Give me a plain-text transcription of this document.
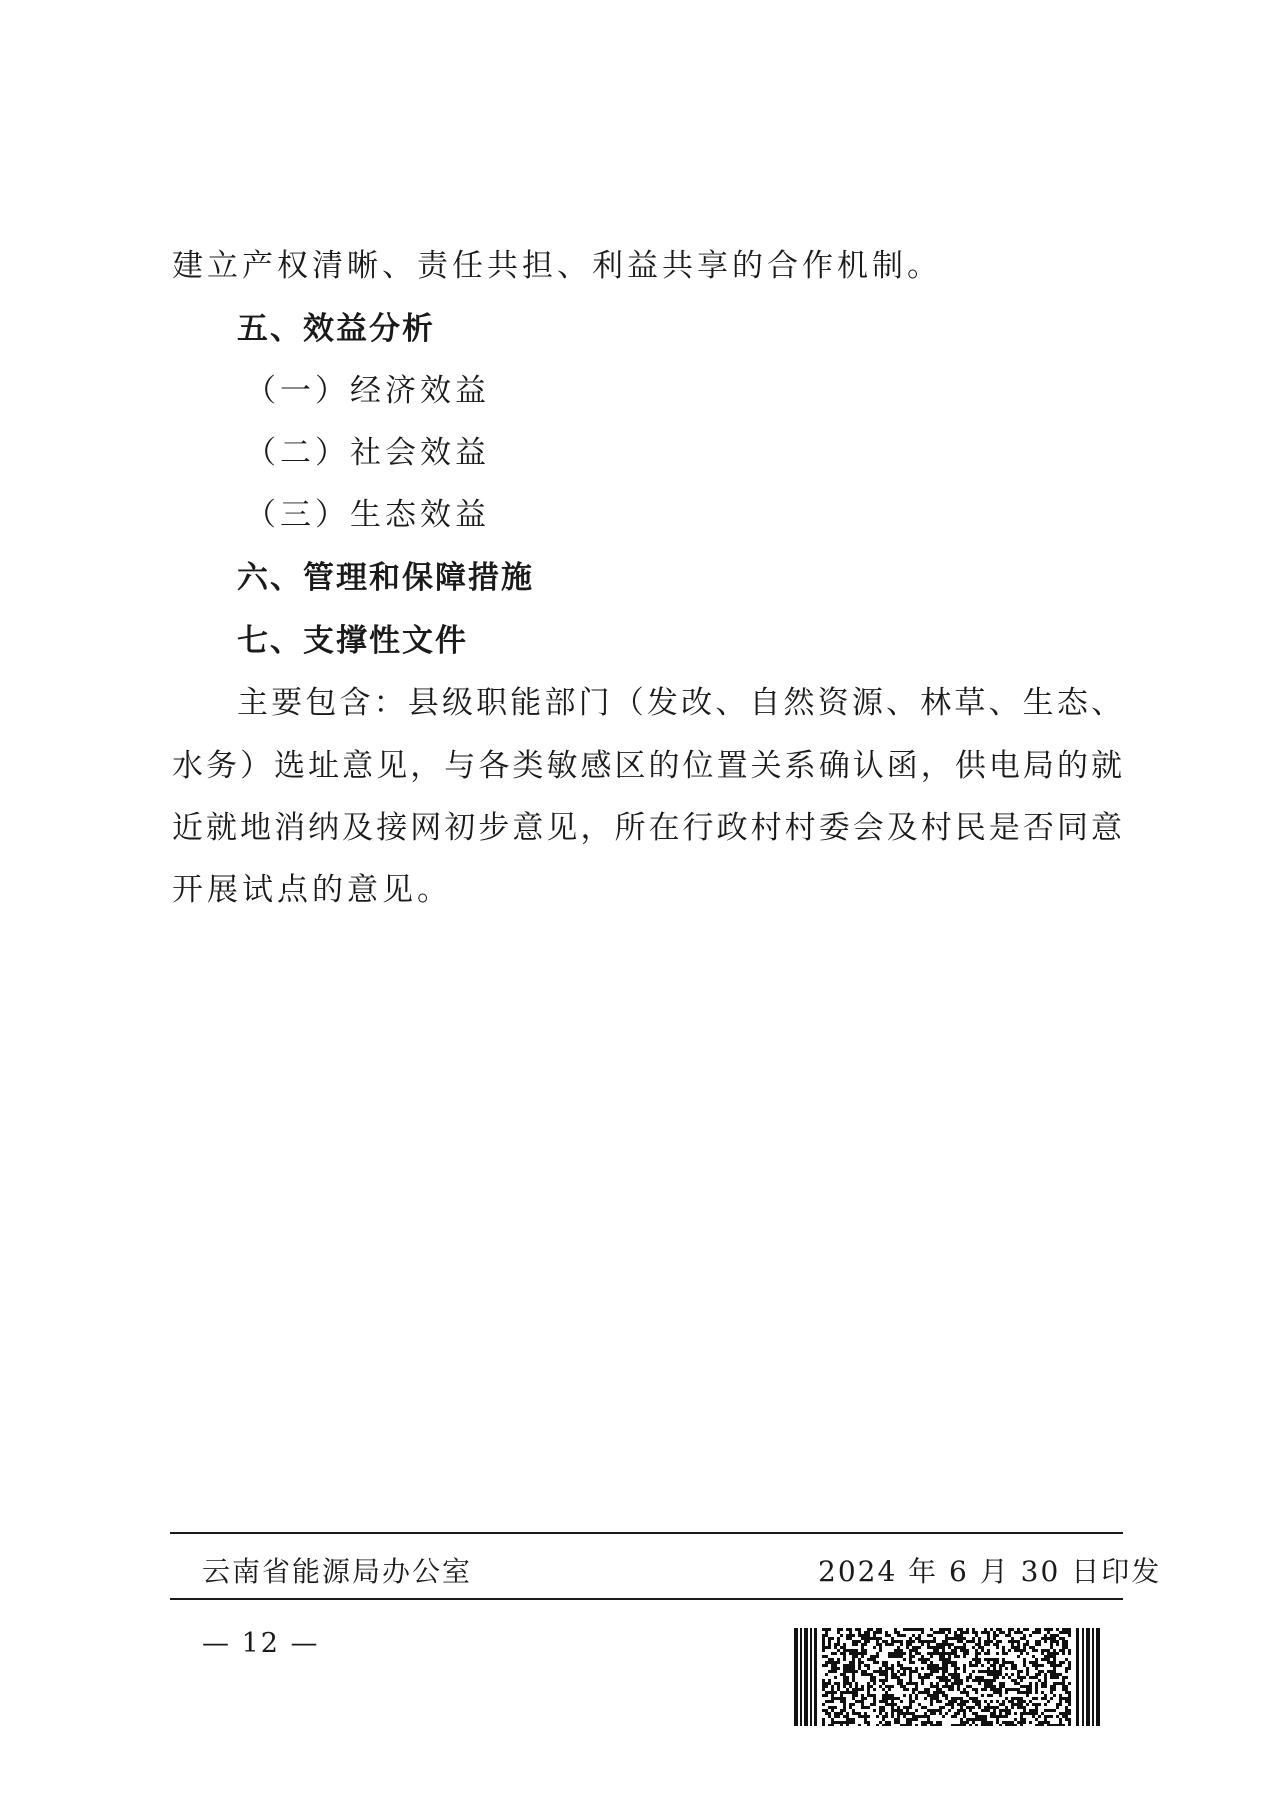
建立产权清晰、责任共担、利益共享的合作机制。
五、效益分析
（一）经济效益
（二）社会效益
（三）生态效益
六、管理和保障措施
七、支撑性文件
主要包含：县级职能部门（发改、自然资源、林草、生态、
水务）选址意见，与各类敏感区的位置关系确认函，供电局的就
近就地消纳及接网初步意见，所在行政村村委会及村民是否同意
开展试点的意见。
云南省能源局办公室	2024 年 6 月 30 日印发
— 12 —
